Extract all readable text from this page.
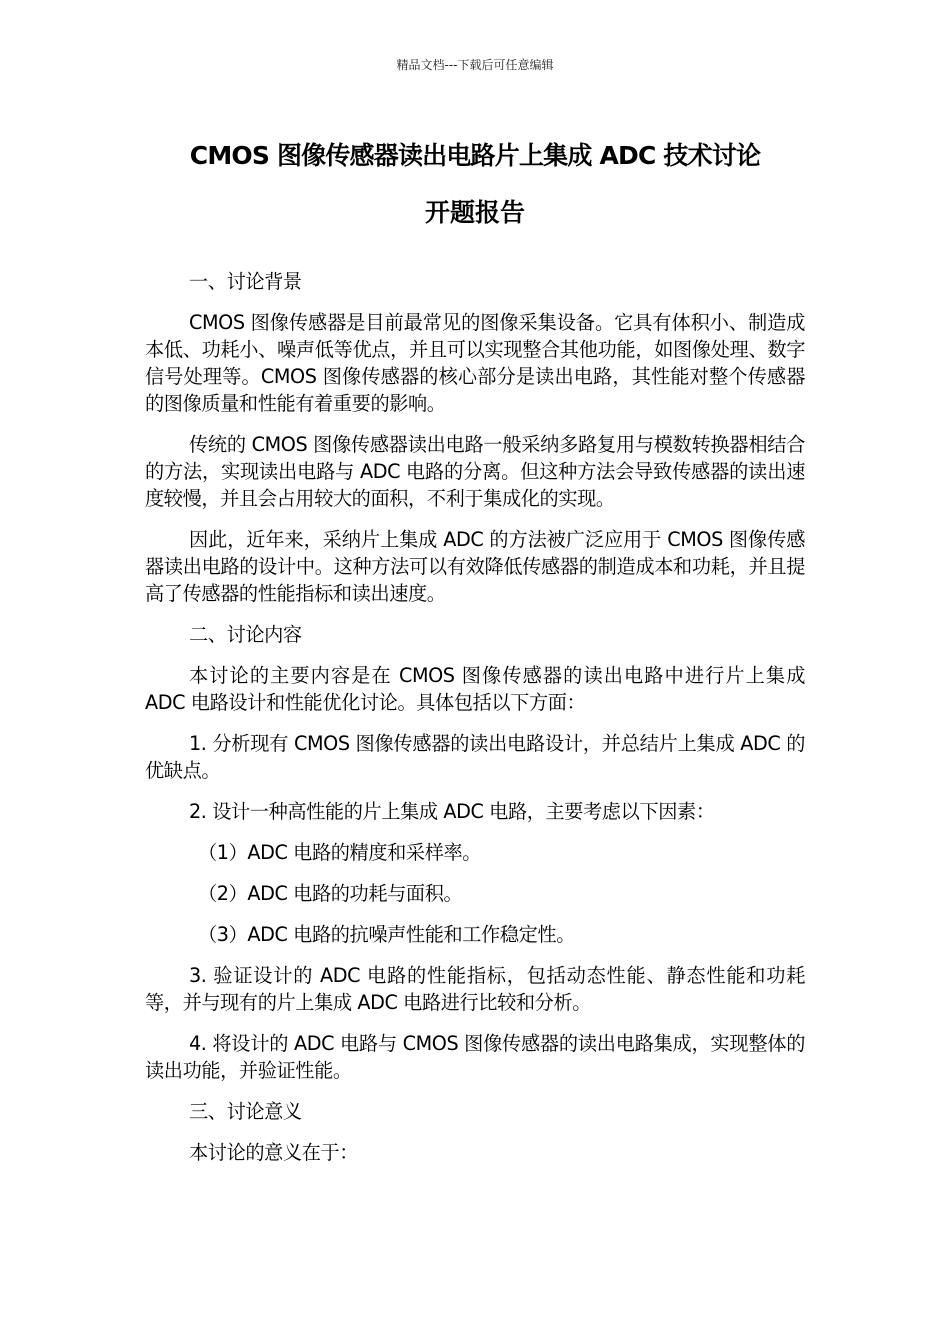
精品文档---下载后可任意编辑
CMOS 图像传感器读出电路片上集成 ADC 技术讨论
开题报告

一、讨论背景

CMOS 图像传感器是目前最常见的图像采集设备。它具有体积小、制造成本低、功耗小、噪声低等优点，并且可以实现整合其他功能，如图像处理、数字信号处理等。CMOS 图像传感器的核心部分是读出电路，其性能对整个传感器的图像质量和性能有着重要的影响。

传统的 CMOS 图像传感器读出电路一般采纳多路复用与模数转换器相结合的方法，实现读出电路与 ADC 电路的分离。但这种方法会导致传感器的读出速度较慢，并且会占用较大的面积，不利于集成化的实现。

因此，近年来，采纳片上集成 ADC 的方法被广泛应用于 CMOS 图像传感器读出电路的设计中。这种方法可以有效降低传感器的制造成本和功耗，并且提高了传感器的性能指标和读出速度。

二、讨论内容

本讨论的主要内容是在 CMOS 图像传感器的读出电路中进行片上集成 ADC 电路设计和性能优化讨论。具体包括以下方面：

1. 分析现有 CMOS 图像传感器的读出电路设计，并总结片上集成 ADC 的优缺点。

2. 设计一种高性能的片上集成 ADC 电路，主要考虑以下因素：

（1）ADC 电路的精度和采样率。

（2）ADC 电路的功耗与面积。

（3）ADC 电路的抗噪声性能和工作稳定性。

3. 验证设计的 ADC 电路的性能指标，包括动态性能、静态性能和功耗等，并与现有的片上集成 ADC 电路进行比较和分析。

4. 将设计的 ADC 电路与 CMOS 图像传感器的读出电路集成，实现整体的读出功能，并验证性能。

三、讨论意义

本讨论的意义在于：
